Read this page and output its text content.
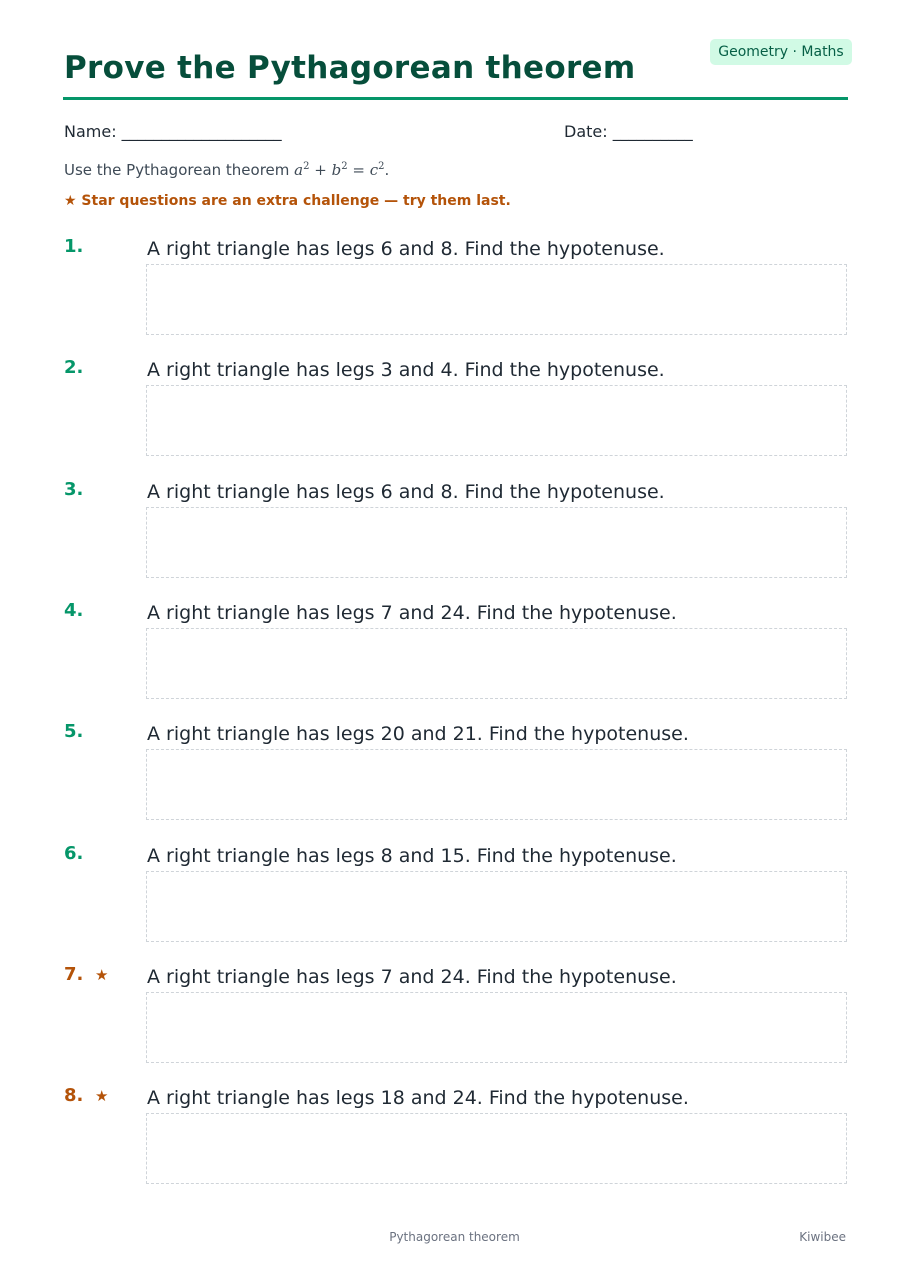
Geometry · Maths
Prove the Pythagorean theorem
Name: ____________________	Date: __________
Use the Pythagorean theorem $a^2 + b^2 = c^2$.
★ Star questions are an extra challenge — try them last.
1.	A right triangle has legs 6 and 8. Find the hypotenuse.
2.	A right triangle has legs 3 and 4. Find the hypotenuse.
3.	A right triangle has legs 6 and 8. Find the hypotenuse.
4.	A right triangle has legs 7 and 24. Find the hypotenuse.
5.	A right triangle has legs 20 and 21. Find the hypotenuse.
6.	A right triangle has legs 8 and 15. Find the hypotenuse.
7. ★ A right triangle has legs 7 and 24. Find the hypotenuse.
8. ★ A right triangle has legs 18 and 24. Find the hypotenuse.
Pythagorean theorem	Kiwibee
